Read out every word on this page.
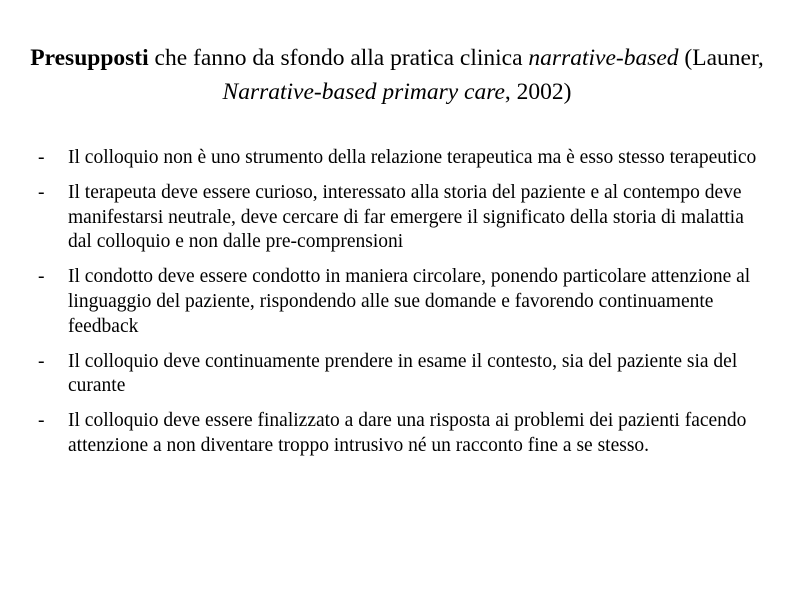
Presupposti che fanno da sfondo alla pratica clinica narrative-based (Launer, Narrative-based primary care, 2002)
- Il colloquio non è uno strumento della relazione terapeutica ma è esso stesso terapeutico
- Il terapeuta deve essere curioso, interessato alla storia del paziente e al contempo deve manifestarsi neutrale, deve cercare di far emergere il significato della storia di malattia dal colloquio e non dalle pre-comprensioni
- Il condotto deve essere condotto in maniera circolare, ponendo particolare attenzione al linguaggio del paziente, rispondendo alle sue domande e favorendo continuamente feedback
- Il colloquio deve continuamente prendere in esame il contesto, sia del paziente sia del curante
- Il colloquio deve essere finalizzato a dare una risposta ai problemi dei pazienti facendo attenzione a non diventare troppo intrusivo né un racconto fine a se stesso.
